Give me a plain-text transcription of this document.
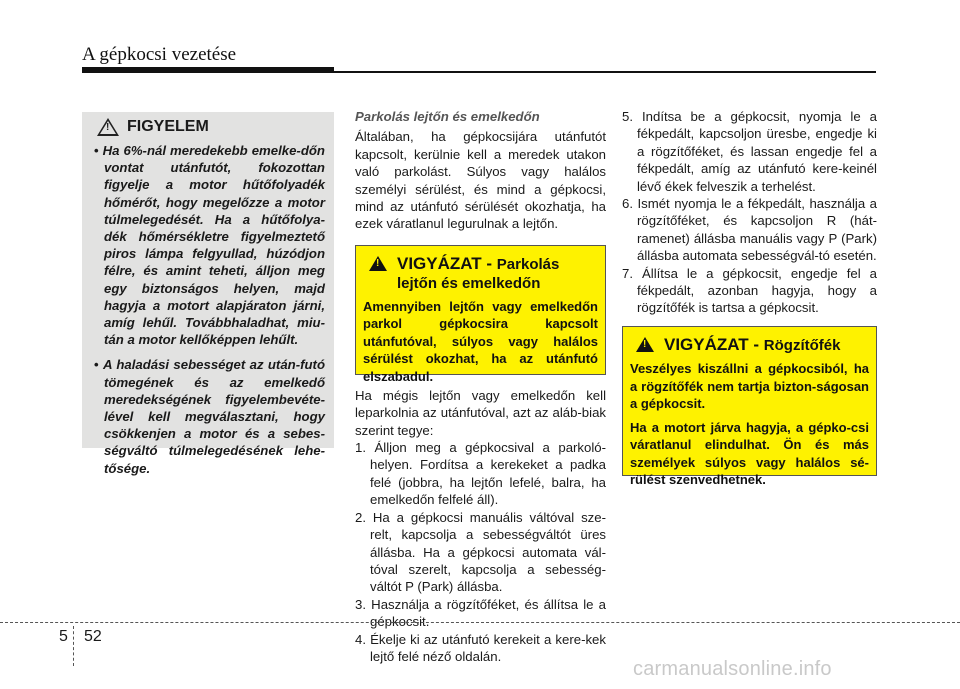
A gépkocsi vezetése
! FIGYELEM
• Ha 6%-nál meredekebb emelke-dőn vontat utánfutót, fokozottan figyelje a motor hűtőfolyadék hőmérőt, hogy megelőzze a motor túlmelegedését. Ha a hűtőfolya-dék hőmérsékletre figyelmeztető piros lámpa felgyullad, húzódjon félre, és amint teheti, álljon meg egy biztonságos helyen, majd hagyja a motort alapjáraton járni, amíg lehűl. Továbbhaladhat, miu-tán a motor kellőképpen lehűlt.
• A haladási sebességet az után-futó tömegének és az emelkedő meredekségének figyelembevéte-lével kell megválasztani, hogy csökkenjen a motor és a sebes-ségváltó túlmelegedésének lehe-tősége.
Parkolás lejtőn és emelkedőn

Általában, ha gépkocsijára utánfutót kapcsolt, kerülnie kell a meredek utakon való parkolást. Súlyos vagy halálos személyi sérülést, és mind a gépkocsi, mind az utánfutó sérülését okozhatja, ha ezek váratlanul legurulnak a lejtőn.

! VIGYÁZAT - Parkolás lejtőn és emelkedőn

Amennyiben lejtőn vagy emelkedőn parkol gépkocsira kapcsolt utánfutóval, súlyos vagy halálos sérülést okozhat, ha az utánfutó elszabadul.

Ha mégis lejtőn vagy emelkedőn kell leparkolnia az utánfutóval, azt az aláb-biak szerint tegye:

1. Álljon meg a gépkocsival a parkoló-helyen. Fordítsa a kerekeket a padka felé (jobbra, ha lejtőn lefelé, balra, ha emelkedőn felfelé áll).
2. Ha a gépkocsi manuális váltóval sze-relt, kapcsolja a sebességváltót üres állásba. Ha a gépkocsi automata vál-tóval szerelt, kapcsolja a sebesség-váltót P (Park) állásba.
3. Használja a rögzítőféket, és állítsa le a gépkocsit.
4. Ékelje ki az utánfutó kerekeit a kere-kek lejtő felé néző oldalán.
5. Indítsa be a gépkocsit, nyomja le a fékpedált, kapcsoljon üresbe, engedje ki a rögzítőféket, és lassan engedje fel a fékpedált, amíg az utánfutó kere-keinél lévő ékek felveszik a terhelést.
6. Ismét nyomja le a fékpedált, használja a rögzítőféket, és kapcsoljon R (hát-ramenet) állásba manuális vagy P (Park) állásba automata sebességvál-tó esetén.
7. Állítsa le a gépkocsit, engedje fel a fékpedált, azonban hagyja, hogy a rögzítőfék is tartsa a gépkocsit.
! VIGYÁZAT - Rögzítőfék

Veszélyes kiszállni a gépkocsiból, ha a rögzítőfék nem tartja bizton-ságosan a gépkocsit.

Ha a motort járva hagyja, a gépko-csi váratlanul elindulhat. Ön és más személyek súlyos vagy halálos sé-rülést szenvedhetnek.

5 52
carmanualsonline.info
